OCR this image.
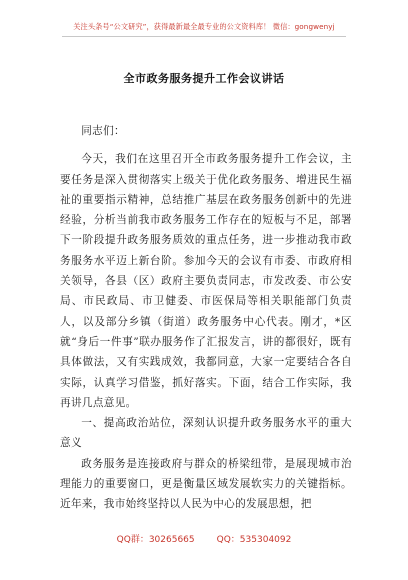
关注头条号“公文研究”，获得最新最全最专业的公文资料库！ 微信：gongwenyj
全市政务服务提升工作会议讲话

同志们：

今天，我们在这里召开全市政务服务提升工作会议，主要任务是深入贯彻落实上级关于优化政务服务、增进民生福祉的重要指示精神，总结推广基层在政务服务创新中的先进经验，分析当前我市政务服务工作存在的短板与不足，部署下一阶段提升政务服务质效的重点任务，进一步推动我市政务服务水平迈上新台阶。参加今天的会议有市委、市政府相关领导，各县（区）政府主要负责同志，市发改委、市公安局、市民政局、市卫健委、市医保局等相关职能部门负责人，以及部分乡镇（街道）政务服务中心代表。刚才，*区就“身后一件事”联办服务作了汇报发言，讲的都很好，既有具体做法，又有实践成效，我都同意，大家一定要结合各自实际，认真学习借鉴，抓好落实。下面，结合工作实际，我再讲几点意见。

一、提高政治站位，深刻认识提升政务服务水平的重大意义

政务服务是连接政府与群众的桥梁纽带，是展现城市治理能力的重要窗口，更是衡量区域发展软实力的关键指标。近年来，我市始终坚持以人民为中心的发展思想，把

QQ群：30265665 QQ：535304092
